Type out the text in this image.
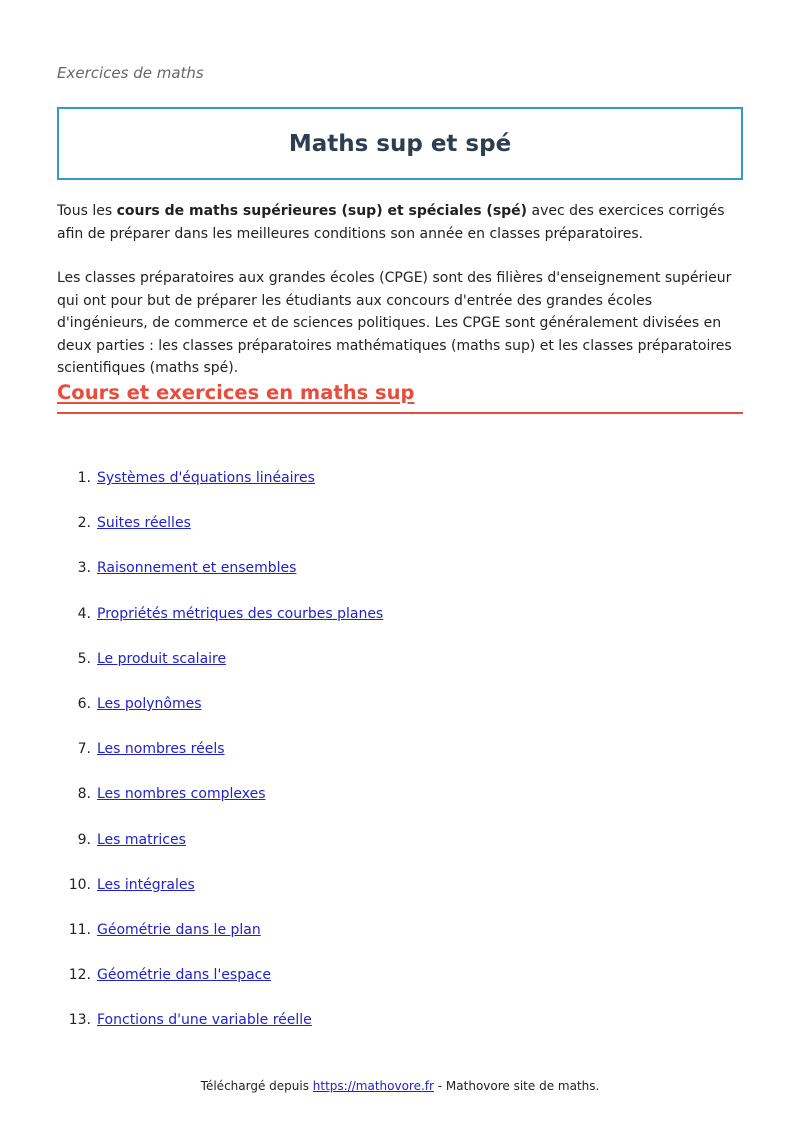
Exercices de maths
Maths sup et spé

Tous les cours de maths supérieures (sup) et spéciales (spé) avec des exercices corrigés afin de préparer dans les meilleures conditions son année en classes préparatoires.

Les classes préparatoires aux grandes écoles (CPGE) sont des filières d'enseignement supérieur qui ont pour but de préparer les étudiants aux concours d'entrée des grandes écoles d'ingénieurs, de commerce et de sciences politiques. Les CPGE sont généralement divisées en deux parties : les classes préparatoires mathématiques (maths sup) et les classes préparatoires scientifiques (maths spé).

Cours et exercices en maths sup
1. Systèmes d'équations linéaires
2. Suites réelles
3. Raisonnement et ensembles
4. Propriétés métriques des courbes planes
5. Le produit scalaire
6. Les polynômes
7. Les nombres réels
8. Les nombres complexes
9. Les matrices
10. Les intégrales
11. Géométrie dans le plan
12. Géométrie dans l'espace
13. Fonctions d'une variable réelle
Téléchargé depuis https://mathovore.fr - Mathovore site de maths.
